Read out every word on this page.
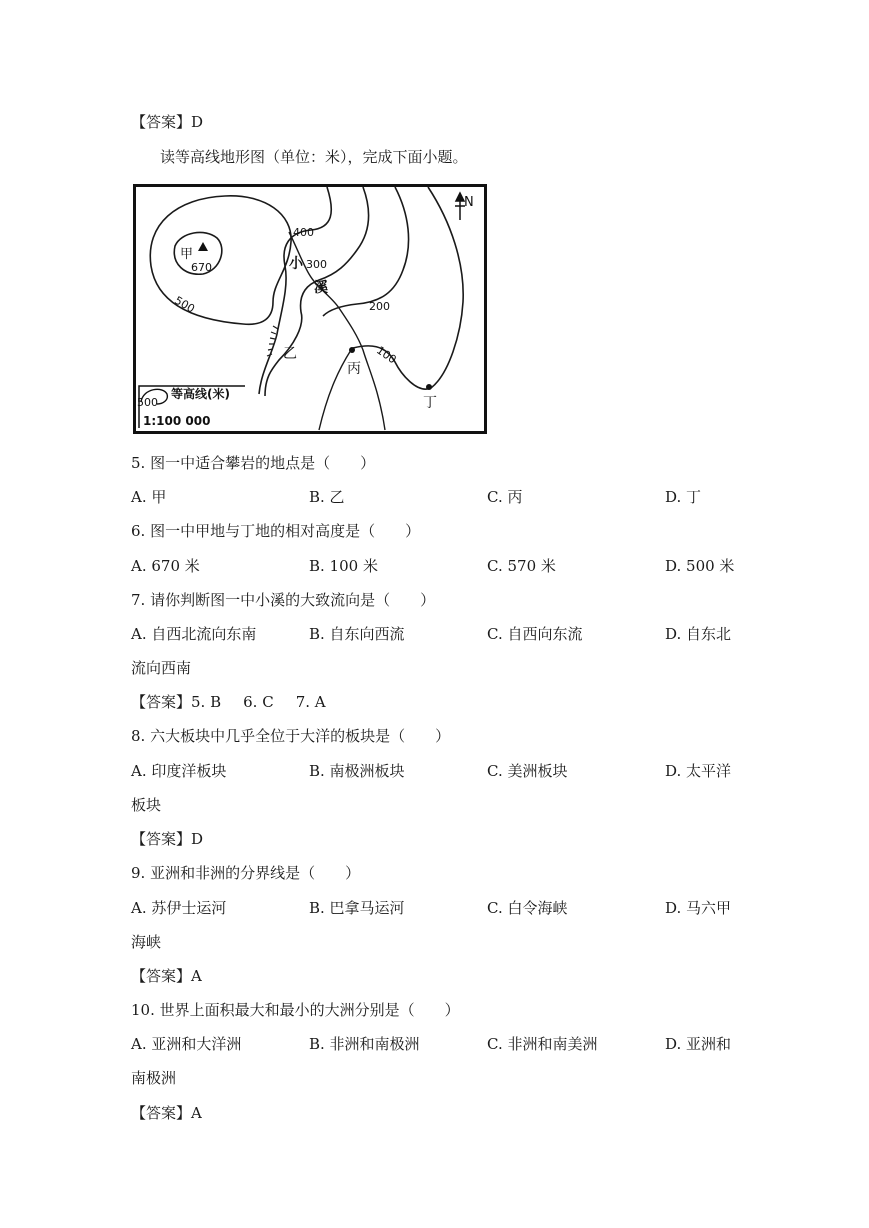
【答案】D
读等高线地形图（单位：米），完成下面小题。
甲
670
500
400
300
200
100
小
溪
乙
丙
丁
N
500
等高线(米)
1:100 000
5. 图一中适合攀岩的地点是（　　）
A. 甲	B. 乙	C. 丙	D. 丁
6. 图一中甲地与丁地的相对高度是（　　）
A. 670 米	B. 100 米	C. 570 米	D. 500 米
7. 请你判断图一中小溪的大致流向是（　　）
A. 自西北流向东南	B. 自东向西流	C. 自西向东流	D. 自东北
流向西南
【答案】5. B 6. C 7. A
8. 六大板块中几乎全位于大洋的板块是（　　）
A. 印度洋板块	B. 南极洲板块	C. 美洲板块	D. 太平洋
板块
【答案】D
9. 亚洲和非洲的分界线是（　　）
A. 苏伊士运河	B. 巴拿马运河	C. 白令海峡	D. 马六甲
海峡
【答案】A
10. 世界上面积最大和最小的大洲分别是（　　）
A. 亚洲和大洋洲	B. 非洲和南极洲	C. 非洲和南美洲	D. 亚洲和
南极洲
【答案】A
